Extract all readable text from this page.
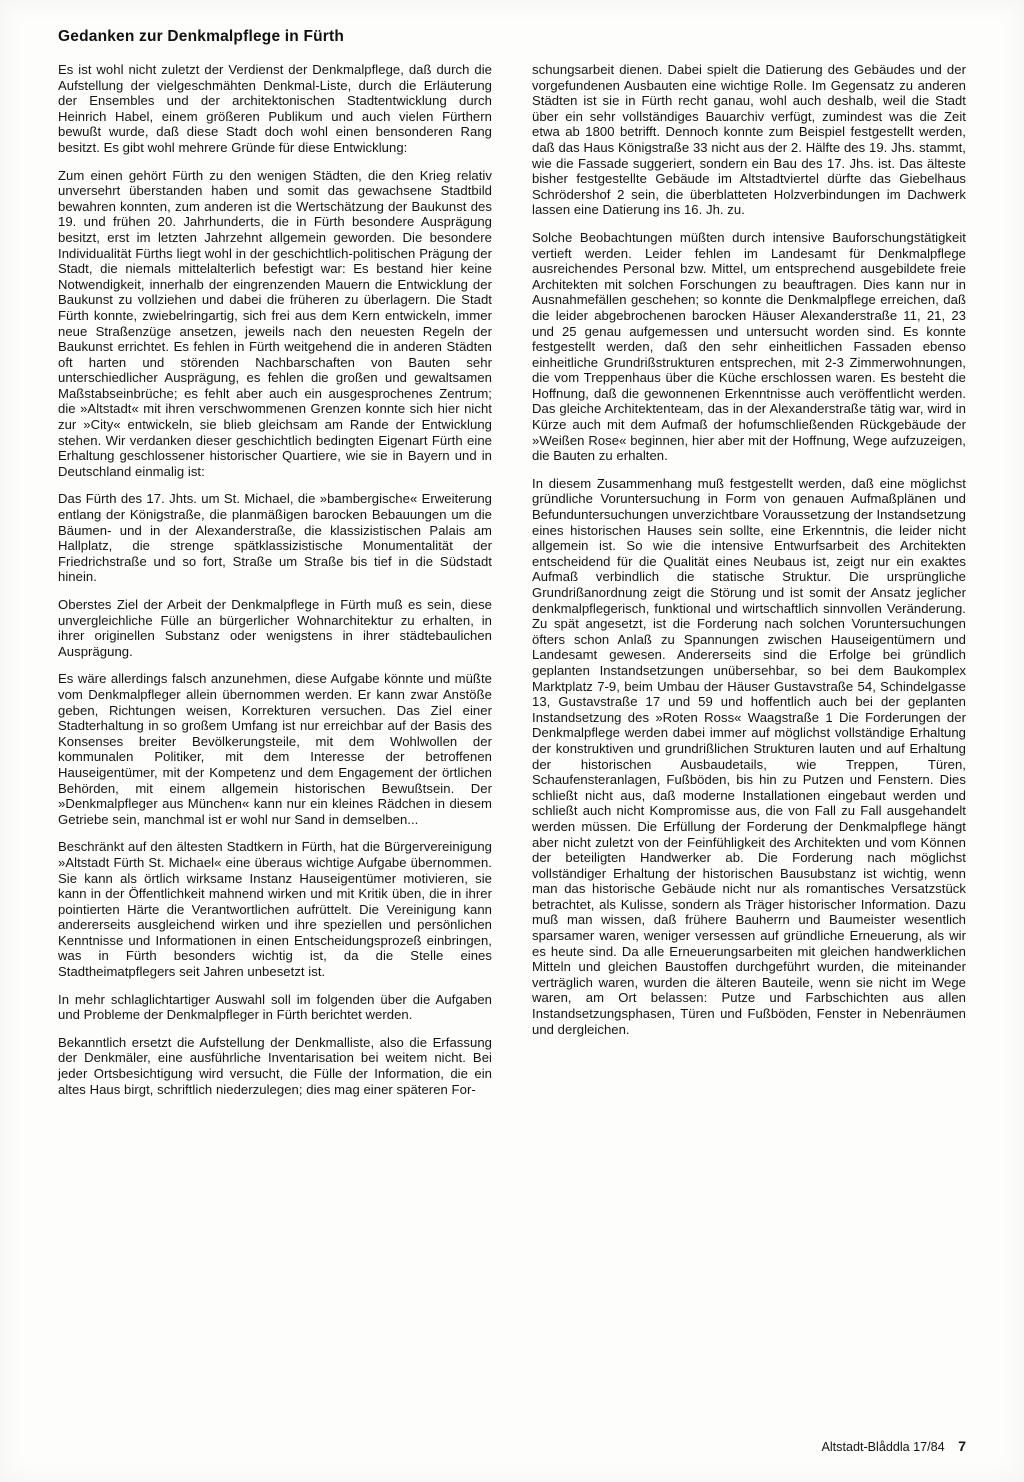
Gedanken zur Denkmalpflege in Fürth

Es ist wohl nicht zuletzt der Verdienst der Denkmalpflege, daß durch die Aufstellung der vielgeschmähten Denkmal-Liste, durch die Erläuterung der Ensembles und der architektonischen Stadtentwicklung durch Heinrich Habel, einem größeren Publikum und auch vielen Fürthern bewußt wurde, daß diese Stadt doch wohl einen bensonderen Rang besitzt. Es gibt wohl mehrere Gründe für diese Entwicklung:

Zum einen gehört Fürth zu den wenigen Städten, die den Krieg relativ unversehrt überstanden haben und somit das gewachsene Stadtbild bewahren konnten, zum anderen ist die Wertschätzung der Baukunst des 19. und frühen 20. Jahrhunderts, die in Fürth besondere Ausprägung besitzt, erst im letzten Jahrzehnt allgemein geworden. Die besondere Individualität Fürths liegt wohl in der geschichtlich-politischen Prägung der Stadt, die niemals mittelalterlich befestigt war: Es bestand hier keine Notwendigkeit, innerhalb der eingrenzenden Mauern die Entwicklung der Baukunst zu vollziehen und dabei die früheren zu überlagern. Die Stadt Fürth konnte, zwiebelringartig, sich frei aus dem Kern entwickeln, immer neue Straßenzüge ansetzen, jeweils nach den neuesten Regeln der Baukunst errichtet. Es fehlen in Fürth weitgehend die in anderen Städten oft harten und störenden Nachbarschaften von Bauten sehr unterschiedlicher Ausprägung, es fehlen die großen und gewaltsamen Maßstabseinbrüche; es fehlt aber auch ein ausgesprochenes Zentrum; die »Altstadt« mit ihren verschwommenen Grenzen konnte sich hier nicht zur »City« entwickeln, sie blieb gleichsam am Rande der Entwicklung stehen. Wir verdanken dieser geschichtlich bedingten Eigenart Fürth eine Erhaltung geschlossener historischer Quartiere, wie sie in Bayern und in Deutschland einmalig ist:

Das Fürth des 17. Jhts. um St. Michael, die »bambergische« Erweiterung entlang der Königstraße, die planmäßigen barocken Bebauungen um die Bäumen- und in der Alexanderstraße, die klassizistischen Palais am Hallplatz, die strenge spätklassizistische Monumentalität der Friedrichstraße und so fort, Straße um Straße bis tief in die Südstadt hinein.

Oberstes Ziel der Arbeit der Denkmalpflege in Fürth muß es sein, diese unvergleichliche Fülle an bürgerlicher Wohnarchitektur zu erhalten, in ihrer originellen Substanz oder wenigstens in ihrer städtebaulichen Ausprägung.

Es wäre allerdings falsch anzunehmen, diese Aufgabe könnte und müßte vom Denkmalpfleger allein übernommen werden. Er kann zwar Anstöße geben, Richtungen weisen, Korrekturen versuchen. Das Ziel einer Stadterhaltung in so großem Umfang ist nur erreichbar auf der Basis des Konsenses breiter Bevölkerungsteile, mit dem Wohlwollen der kommunalen Politiker, mit dem Interesse der betroffenen Hauseigentümer, mit der Kompetenz und dem Engagement der örtlichen Behörden, mit einem allgemein historischen Bewußtsein. Der »Denkmalpfleger aus München« kann nur ein kleines Rädchen in diesem Getriebe sein, manchmal ist er wohl nur Sand in demselben...

Beschränkt auf den ältesten Stadtkern in Fürth, hat die Bürgervereinigung »Altstadt Fürth St. Michael« eine überaus wichtige Aufgabe übernommen. Sie kann als örtlich wirksame Instanz Hauseigentümer motivieren, sie kann in der Öffentlichkeit mahnend wirken und mit Kritik üben, die in ihrer pointierten Härte die Verantwortlichen aufrüttelt. Die Vereinigung kann andererseits ausgleichend wirken und ihre speziellen und persönlichen Kenntnisse und Informationen in einen Entscheidungsprozeß einbringen, was in Fürth besonders wichtig ist, da die Stelle eines Stadtheimatpflegers seit Jahren unbesetzt ist.

In mehr schlaglichtartiger Auswahl soll im folgenden über die Aufgaben und Probleme der Denkmalpfleger in Fürth berichtet werden.

Bekanntlich ersetzt die Aufstellung der Denkmalliste, also die Erfassung der Denkmäler, eine ausführliche Inventarisation bei weitem nicht. Bei jeder Ortsbesichtigung wird versucht, die Fülle der Information, die ein altes Haus birgt, schriftlich niederzulegen; dies mag einer späteren For-

schungsarbeit dienen. Dabei spielt die Datierung des Gebäudes und der vorgefundenen Ausbauten eine wichtige Rolle. Im Gegensatz zu anderen Städten ist sie in Fürth recht ganau, wohl auch deshalb, weil die Stadt über ein sehr vollständiges Bauarchiv verfügt, zumindest was die Zeit etwa ab 1800 betrifft. Dennoch konnte zum Beispiel festgestellt werden, daß das Haus Königstraße 33 nicht aus der 2. Hälfte des 19. Jhs. stammt, wie die Fassade suggeriert, sondern ein Bau des 17. Jhs. ist. Das älteste bisher festgestellte Gebäude im Altstadtviertel dürfte das Giebelhaus Schrödershof 2 sein, die überblatteten Holzverbindungen im Dachwerk lassen eine Datierung ins 16. Jh. zu.

Solche Beobachtungen müßten durch intensive Bauforschungstätigkeit vertieft werden. Leider fehlen im Landesamt für Denkmalpflege ausreichendes Personal bzw. Mittel, um entsprechend ausgebildete freie Architekten mit solchen Forschungen zu beauftragen. Dies kann nur in Ausnahmefällen geschehen; so konnte die Denkmalpflege erreichen, daß die leider abgebrochenen barocken Häuser Alexanderstraße 11, 21, 23 und 25 genau aufgemessen und untersucht worden sind. Es konnte festgestellt werden, daß den sehr einheitlichen Fassaden ebenso einheitliche Grundrißstrukturen entsprechen, mit 2-3 Zimmerwohnungen, die vom Treppenhaus über die Küche erschlossen waren. Es besteht die Hoffnung, daß die gewonnenen Erkenntnisse auch veröffentlicht werden. Das gleiche Architektenteam, das in der Alexanderstraße tätig war, wird in Kürze auch mit dem Aufmaß der hofumschließenden Rückgebäude der »Weißen Rose« beginnen, hier aber mit der Hoffnung, Wege aufzuzeigen, die Bauten zu erhalten.

In diesem Zusammenhang muß festgestellt werden, daß eine möglichst gründliche Voruntersuchung in Form von genauen Aufmaßplänen und Befunduntersuchungen unverzichtbare Voraussetzung der Instandsetzung eines historischen Hauses sein sollte, eine Erkenntnis, die leider nicht allgemein ist. So wie die intensive Entwurfsarbeit des Architekten entscheidend für die Qualität eines Neubaus ist, zeigt nur ein exaktes Aufmaß verbindlich die statische Struktur. Die ursprüngliche Grundrißanordnung zeigt die Störung und ist somit der Ansatz jeglicher denkmalpflegerisch, funktional und wirtschaftlich sinnvollen Veränderung. Zu spät angesetzt, ist die Forderung nach solchen Voruntersuchungen öfters schon Anlaß zu Spannungen zwischen Hauseigentümern und Landesamt gewesen. Andererseits sind die Erfolge bei gründlich geplanten Instandsetzungen unübersehbar, so bei dem Baukomplex Marktplatz 7-9, beim Umbau der Häuser Gustavstraße 54, Schindelgasse 13, Gustavstraße 17 und 59 und hoffentlich auch bei der geplanten Instandsetzung des »Roten Ross« Waagstraße 1 Die Forderungen der Denkmalpflege werden dabei immer auf möglichst vollständige Erhaltung der konstruktiven und grundrißlichen Strukturen lauten und auf Erhaltung der historischen Ausbaudetails, wie Treppen, Türen, Schaufensteranlagen, Fußböden, bis hin zu Putzen und Fenstern. Dies schließt nicht aus, daß moderne Installationen eingebaut werden und schließt auch nicht Kompromisse aus, die von Fall zu Fall ausgehandelt werden müssen. Die Erfüllung der Forderung der Denkmalpflege hängt aber nicht zuletzt von der Feinfühligkeit des Architekten und vom Können der beteiligten Handwerker ab. Die Forderung nach möglichst vollständiger Erhaltung der historischen Bausubstanz ist wichtig, wenn man das historische Gebäude nicht nur als romantisches Versatzstück betrachtet, als Kulisse, sondern als Träger historischer Information. Dazu muß man wissen, daß frühere Bauherrn und Baumeister wesentlich sparsamer waren, weniger versessen auf gründliche Erneuerung, als wir es heute sind. Da alle Erneuerungsarbeiten mit gleichen handwerklichen Mitteln und gleichen Baustoffen durchgeführt wurden, die miteinander verträglich waren, wurden die älteren Bauteile, wenn sie nicht im Wege waren, am Ort belassen: Putze und Farbschichten aus allen Instandsetzungsphasen, Türen und Fußböden, Fenster in Nebenräumen und dergleichen.

Altstadt-Blåddla 17/84 7
